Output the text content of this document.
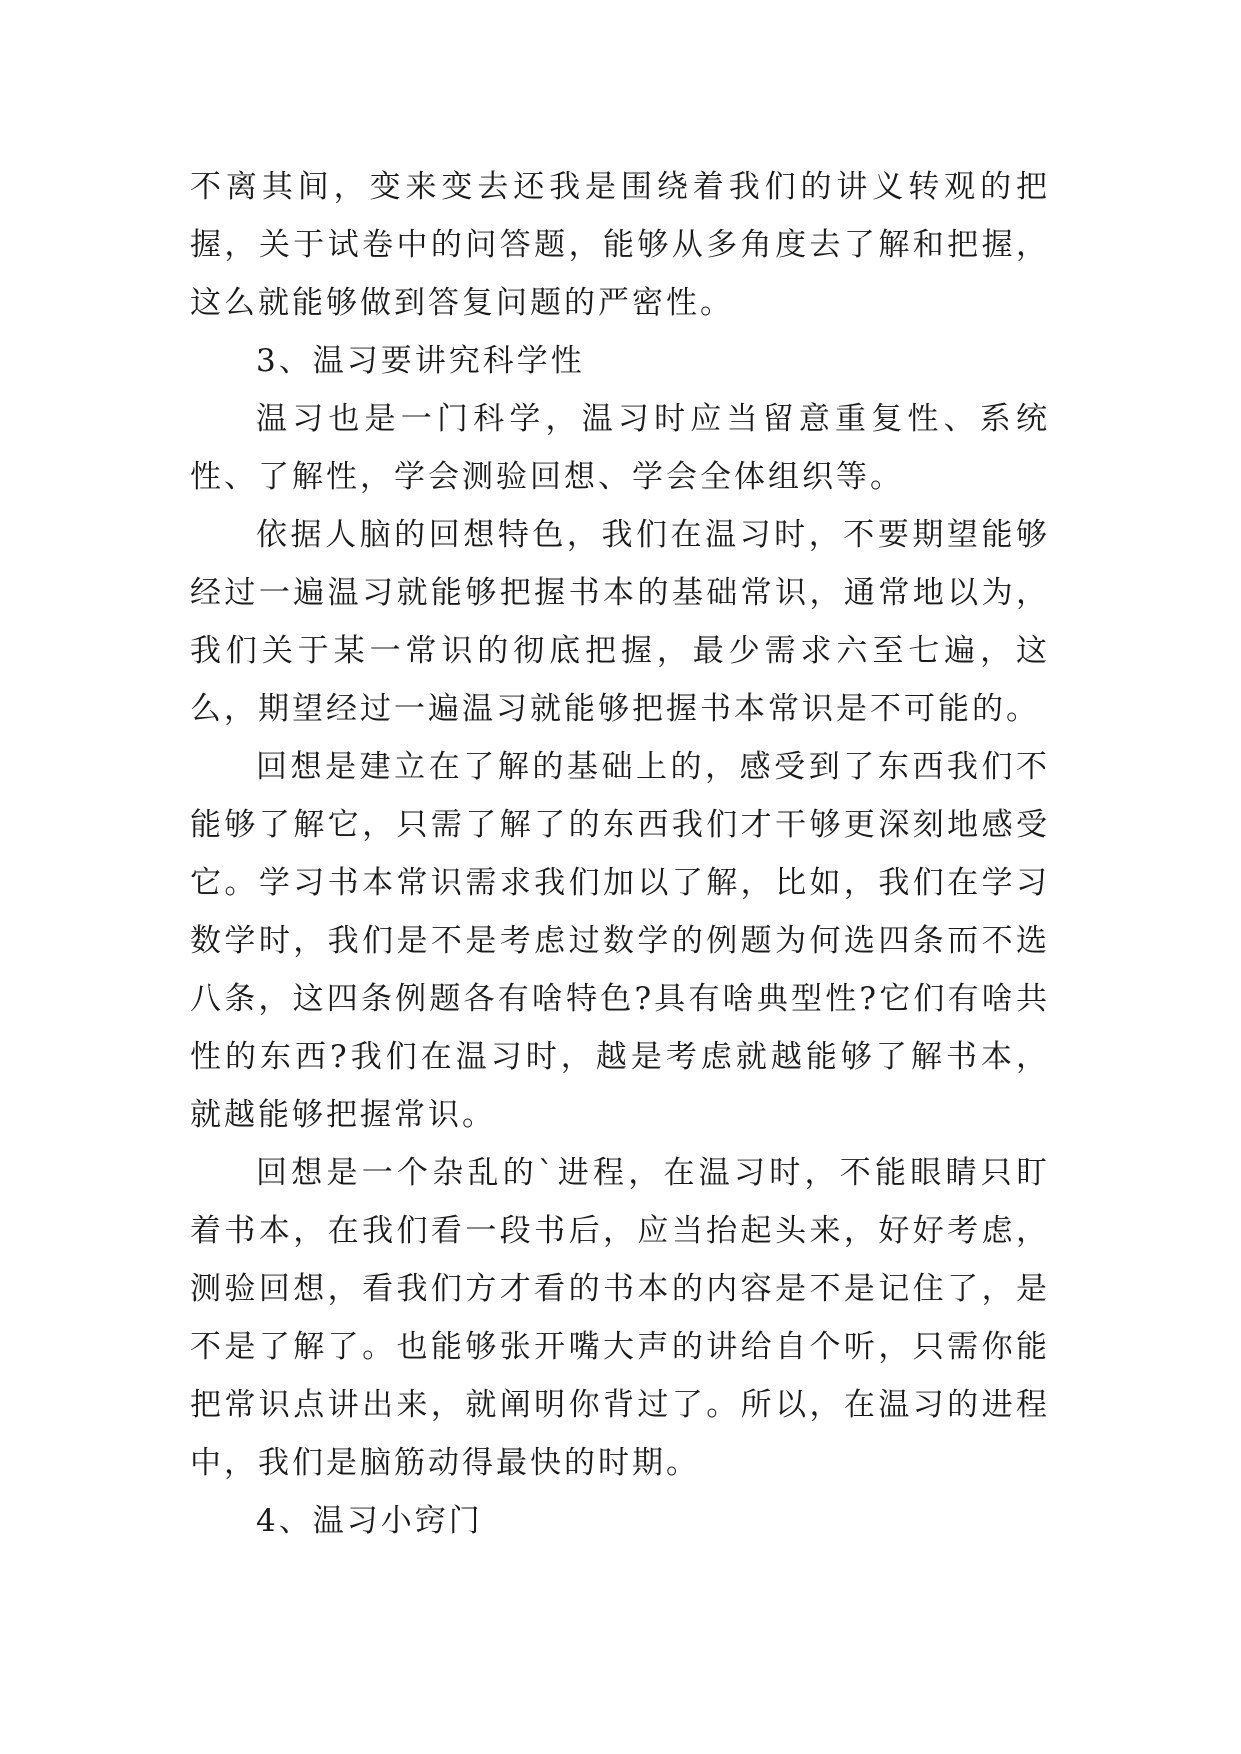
不离其间，变来变去还我是围绕着我们的讲义转观的把握，关于试卷中的问答题，能够从多角度去了解和把握，这么就能够做到答复问题的严密性。

3、温习要讲究科学性

温习也是一门科学，温习时应当留意重复性、系统性、了解性，学会测验回想、学会全体组织等。

依据人脑的回想特色，我们在温习时，不要期望能够经过一遍温习就能够把握书本的基础常识，通常地以为，我们关于某一常识的彻底把握，最少需求六至七遍，这么，期望经过一遍温习就能够把握书本常识是不可能的。

回想是建立在了解的基础上的，感受到了东西我们不能够了解它，只需了解了的东西我们才干够更深刻地感受它。学习书本常识需求我们加以了解，比如，我们在学习数学时，我们是不是考虑过数学的例题为何选四条而不选八条，这四条例题各有啥特色?具有啥典型性?它们有啥共性的东西?我们在温习时，越是考虑就越能够了解书本，就越能够把握常识。

回想是一个杂乱的`进程，在温习时，不能眼睛只盯着书本，在我们看一段书后，应当抬起头来，好好考虑，测验回想，看我们方才看的书本的内容是不是记住了，是不是了解了。也能够张开嘴大声的讲给自个听，只需你能把常识点讲出来，就阐明你背过了。所以，在温习的进程中，我们是脑筋动得最快的时期。

4、温习小窍门
